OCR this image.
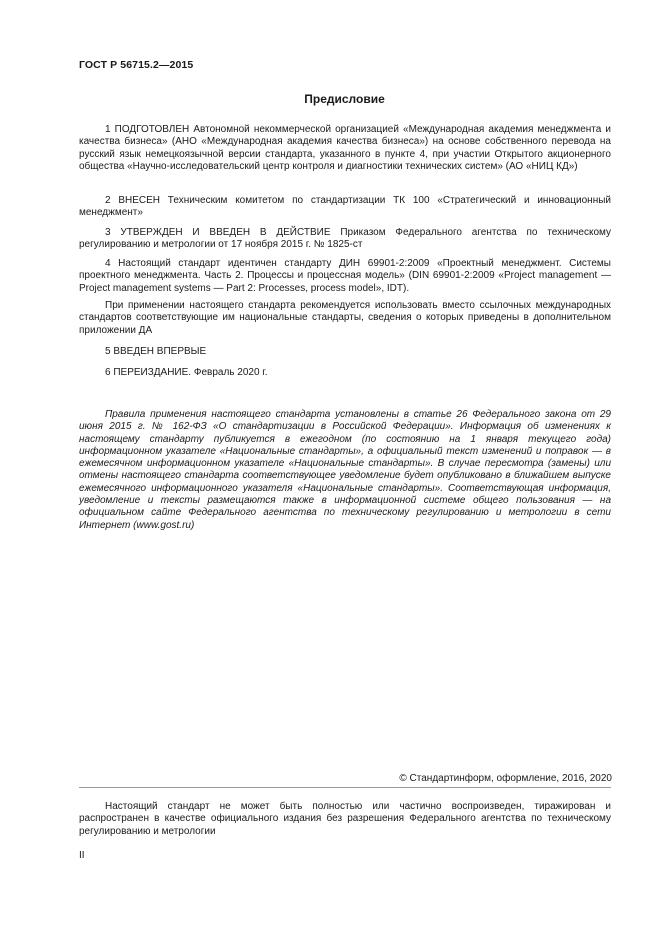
ГОСТ Р 56715.2—2015
Предисловие

1 ПОДГОТОВЛЕН Автономной некоммерческой организацией «Международная академия менеджмента и качества бизнеса» (АНО «Международная академия качества бизнеса») на основе собственного перевода на русский язык немецкоязычной версии стандарта, указанного в пункте 4, при участии Открытого акционерного общества «Научно-исследовательский центр контроля и диагностики технических систем» (АО «НИЦ КД»)

2 ВНЕСЕН Техническим комитетом по стандартизации ТК 100 «Стратегический и инновационный менеджмент»

3 УТВЕРЖДЕН И ВВЕДЕН В ДЕЙСТВИЕ Приказом Федерального агентства по техническому регулированию и метрологии от 17 ноября 2015 г. № 1825-ст

4 Настоящий стандарт идентичен стандарту ДИН 69901-2:2009 «Проектный менеджмент. Системы проектного менеджмента. Часть 2. Процессы и процессная модель» (DIN 69901-2:2009 «Project management — Project management systems — Part 2: Processes, process model», IDT).

При применении настоящего стандарта рекомендуется использовать вместо ссылочных международных стандартов соответствующие им национальные стандарты, сведения о которых приведены в дополнительном приложении ДА

5 ВВЕДЕН ВПЕРВЫЕ

6 ПЕРЕИЗДАНИЕ. Февраль 2020 г.

Правила применения настоящего стандарта установлены в статье 26 Федерального закона от 29 июня 2015 г. № 162-ФЗ «О стандартизации в Российской Федерации». Информация об изменениях к настоящему стандарту публикуется в ежегодном (по состоянию на 1 января текущего года) информационном указателе «Национальные стандарты», а официальный текст изменений и поправок — в ежемесячном информационном указателе «Национальные стандарты». В случае пересмотра (замены) или отмены настоящего стандарта соответствующее уведомление будет опубликовано в ближайшем выпуске ежемесячного информационного указателя «Национальные стандарты». Соответствующая информация, уведомление и тексты размещаются также в информационной системе общего пользования — на официальном сайте Федерального агентства по техническому регулированию и метрологии в сети Интернет (www.gost.ru)

© Стандартинформ, оформление, 2016, 2020

Настоящий стандарт не может быть полностью или частично воспроизведен, тиражирован и распространен в качестве официального издания без разрешения Федерального агентства по техническому регулированию и метрологии

II
